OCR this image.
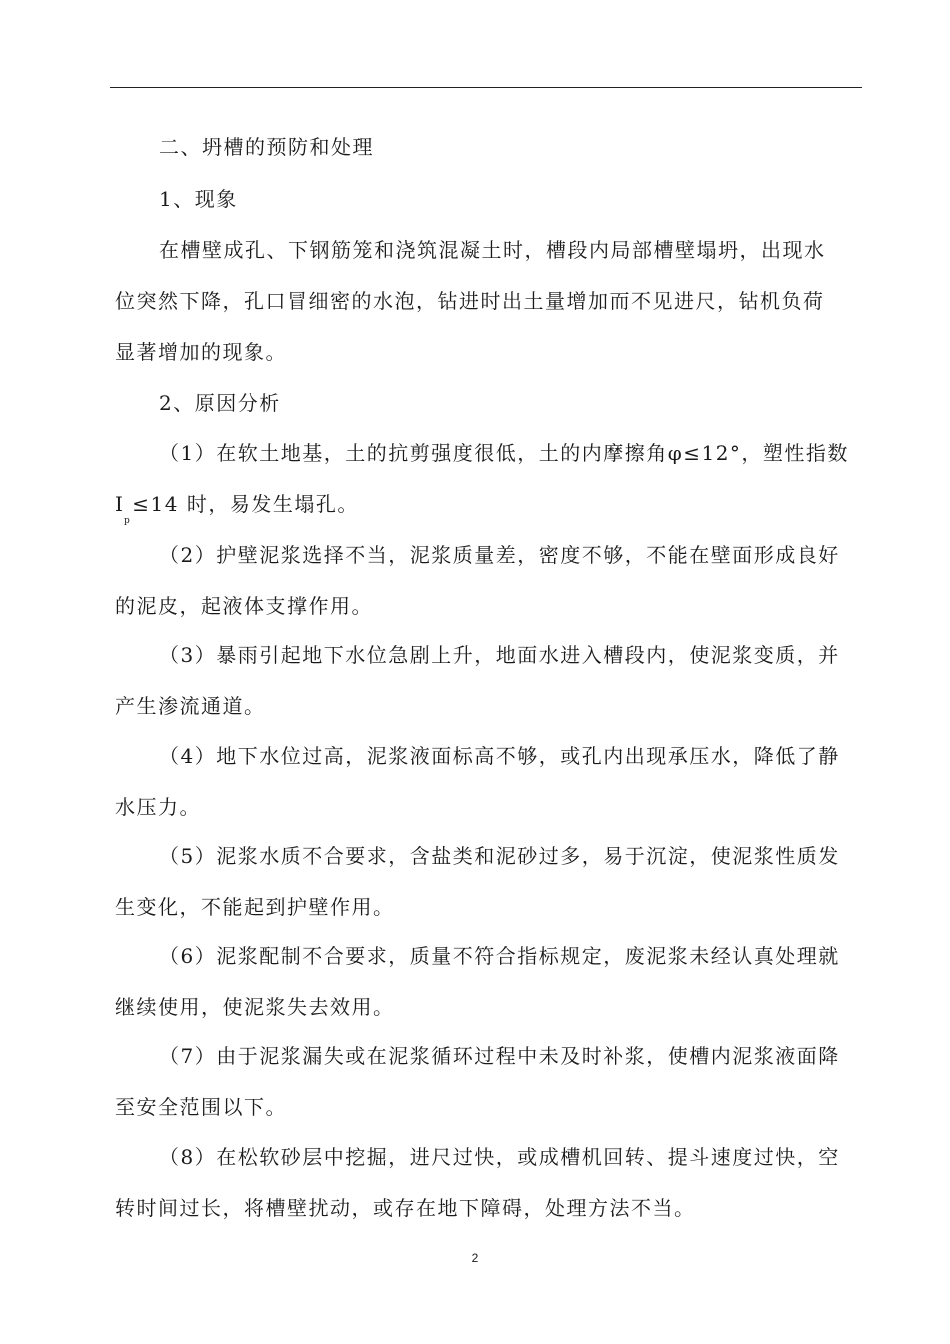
二、坍槽的预防和处理
1、现象
在槽壁成孔、下钢筋笼和浇筑混凝土时，槽段内局部槽壁塌坍，出现水
位突然下降，孔口冒细密的水泡，钻进时出土量增加而不见进尺，钻机负荷
显著增加的现象。
2、原因分析
（1）在软土地基，土的抗剪强度很低，土的内摩擦角φ≤12°，塑性指数
I ≤14 时，易发生塌孔。
p
（2）护壁泥浆选择不当，泥浆质量差，密度不够，不能在壁面形成良好
的泥皮，起液体支撑作用。
（3）暴雨引起地下水位急剧上升，地面水进入槽段内，使泥浆变质，并
产生渗流通道。
（4）地下水位过高，泥浆液面标高不够，或孔内出现承压水，降低了静
水压力。
（5）泥浆水质不合要求，含盐类和泥砂过多，易于沉淀，使泥浆性质发
生变化，不能起到护壁作用。
（6）泥浆配制不合要求，质量不符合指标规定，废泥浆未经认真处理就
继续使用，使泥浆失去效用。
（7）由于泥浆漏失或在泥浆循环过程中未及时补浆，使槽内泥浆液面降
至安全范围以下。
（8）在松软砂层中挖掘，进尺过快，或成槽机回转、提斗速度过快，空
转时间过长，将槽壁扰动，或存在地下障碍，处理方法不当。
2
